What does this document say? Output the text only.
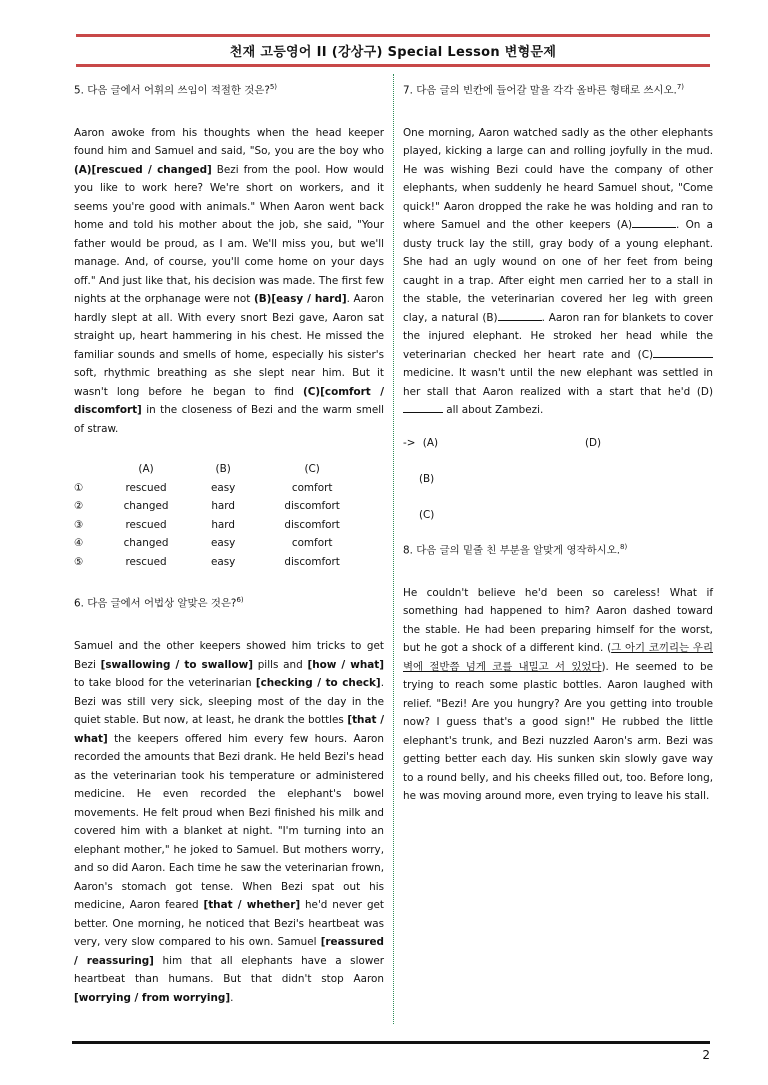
천재 고등영어 II (강상구) Special Lesson 변형문제

5. 다음 글에서 어휘의 쓰임이 적절한 것은?$^{5)}$

Aaron awoke from his thoughts when the head keeper found him and Samuel and said, "So, you are the boy who (A)[rescued / changed] Bezi from the pool. How would you like to work here? We're short on workers, and it seems you're good with animals." When Aaron went back home and told his mother about the job, she said, "Your father would be proud, as I am. We'll miss you, but we'll manage. And, of course, you'll come home on your days off." And just like that, his decision was made. The first few nights at the orphanage were not (B)[easy / hard]. Aaron hardly slept at all. With every snort Bezi gave, Aaron sat straight up, heart hammering in his chest. He missed the familiar sounds and smells of home, especially his sister's soft, rhythmic breathing as she slept near him. But it wasn't long before he began to find (C)[comfort / discomfort] in the closeness of Bezi and the warm smell of straw.

	(A)	(B)	(C)
①	rescued	easy	comfort
②	changed	hard	discomfort
③	rescued	hard	discomfort
④	changed	easy	comfort
⑤	rescued	easy	discomfort

6. 다음 글에서 어법상 알맞은 것은?$^{6)}$

Samuel and the other keepers showed him tricks to get Bezi [swallowing / to swallow] pills and [how / what] to take blood for the veterinarian [checking / to check]. Bezi was still very sick, sleeping most of the day in the quiet stable. But now, at least, he drank the bottles [that / what] the keepers offered him every few hours. Aaron recorded the amounts that Bezi drank. He held Bezi's head as the veterinarian took his temperature or administered medicine. He even recorded the elephant's bowel movements. He felt proud when Bezi finished his milk and covered him with a blanket at night. "I'm turning into an elephant mother," he joked to Samuel. But mothers worry, and so did Aaron. Each time he saw the veterinarian frown, Aaron's stomach got tense. When Bezi spat out his medicine, Aaron feared [that / whether] he'd never get better. One morning, he noticed that Bezi's heartbeat was very, very slow compared to his own. Samuel [reassured / reassuring] him that all elephants have a slower heartbeat than humans. But that didn't stop Aaron [worrying / from worrying].

7. 다음 글의 빈칸에 들어갈 말을 각각 올바른 형태로 쓰시오.$^{7)}$

One morning, Aaron watched sadly as the other elephants played, kicking a large can and rolling joyfully in the mud. He was wishing Bezi could have the company of other elephants, when suddenly he heard Samuel shout, "Come quick!" Aaron dropped the rake he was holding and ran to where Samuel and the other keepers (A)	. On a dusty truck lay the still, gray body of a young elephant. She had an ugly wound on one of her feet from being caught in a trap. After eight men carried her to a stall in the stable, the veterinarian covered her leg with green clay, a natural (B)	. Aaron ran for blankets to cover the injured elephant. He stroked her head while the veterinarian checked her heart rate and (C) medicine. It wasn't until the new elephant was settled in her stall that Aaron realized with a start that he'd (D) all about Zambezi.

-> (A)	(D)
(B)
(C)

8. 다음 글의 밑줄 친 부분을 알맞게 영작하시오.$^{8)}$

He couldn't believe he'd been so careless! What if something had happened to him? Aaron dashed toward the stable. He had been preparing himself for the worst, but he got a shock of a different kind. (그 아기 코끼리는 우리 벽에 절반쯤 넘게 코를 내밀고 서 있었다). He seemed to be trying to reach some plastic bottles. Aaron laughed with relief. "Bezi! Are you hungry? Are you getting into trouble now? I guess that's a good sign!" He rubbed the little elephant's trunk, and Bezi nuzzled Aaron's arm. Bezi was getting better each day. His sunken skin slowly gave way to a round belly, and his cheeks filled out, too. Before long, he was moving around more, even trying to leave his stall.

2
